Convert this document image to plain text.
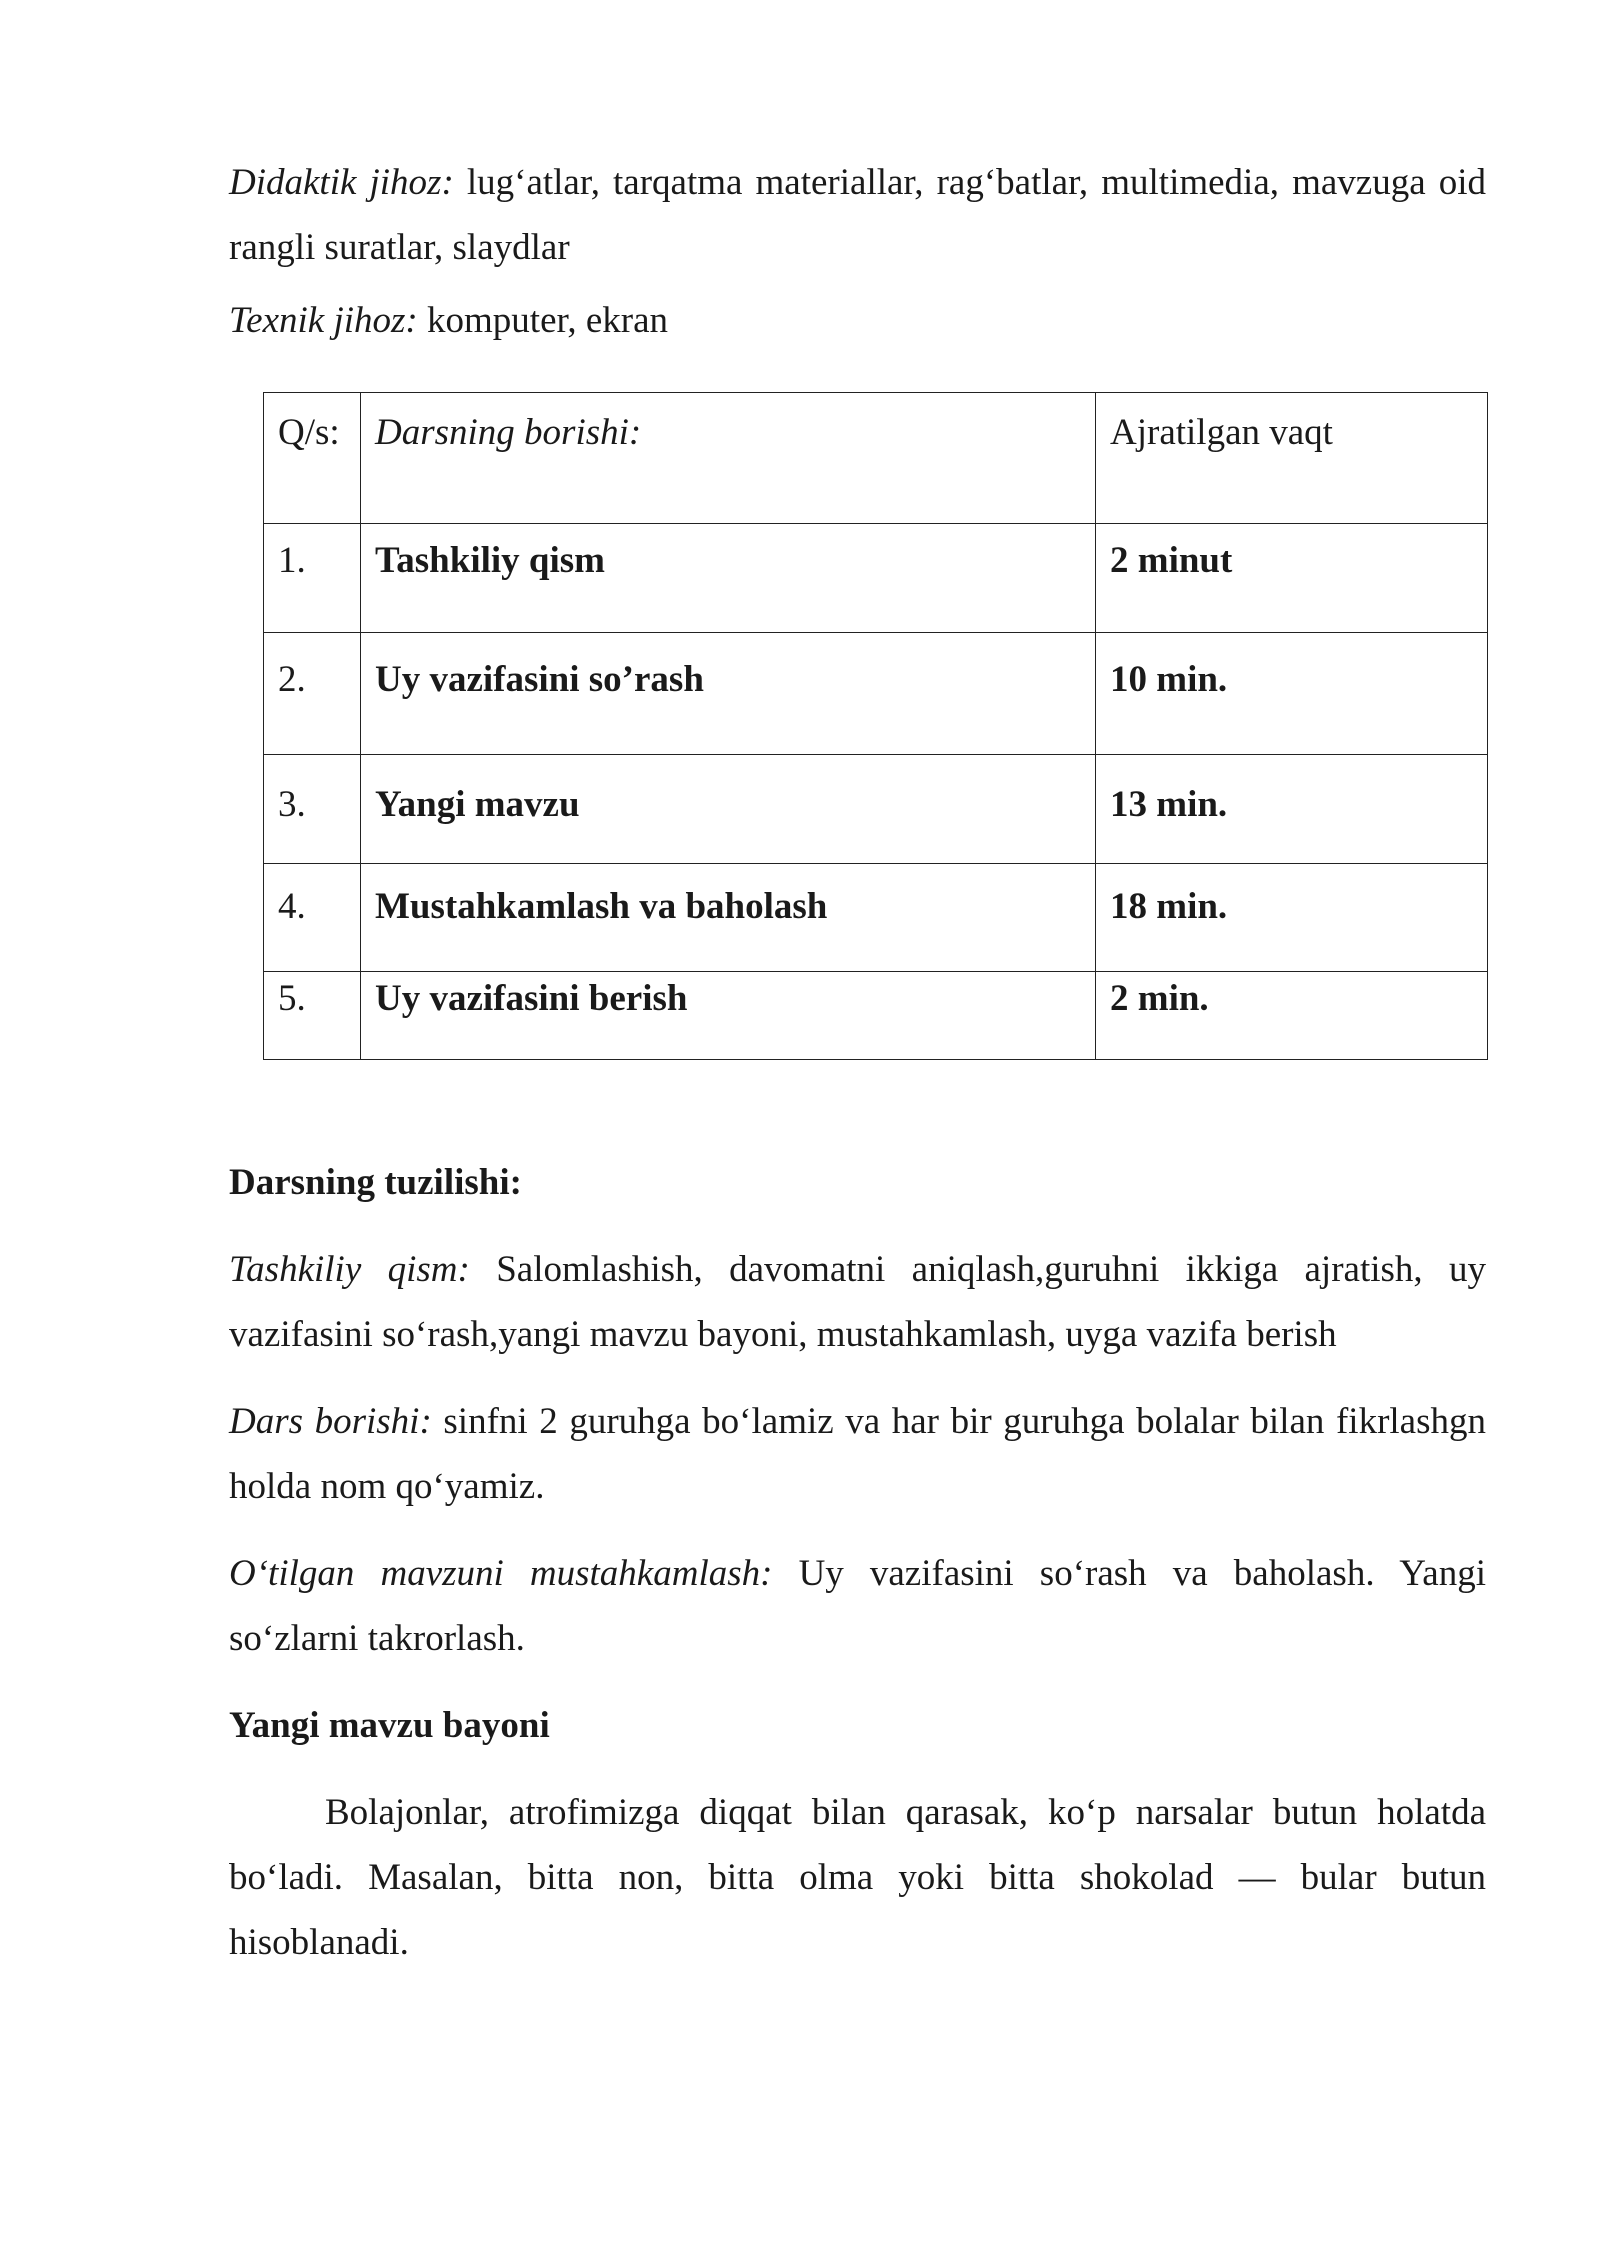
Didaktik jihoz: lug‘atlar, tarqatma materiallar, rag‘batlar, multimedia, mavzuga oid rangli suratlar, slaydlar

Texnik jihoz: komputer, ekran

Q/s:	Darsning borishi:	Ajratilgan vaqt
1.	Tashkiliy qism	2 minut
2.	Uy vazifasini so’rash	10 min.
3.	Yangi mavzu	13 min.
4.	Mustahkamlash va baholash	18 min.
5.	Uy vazifasini berish	2 min.
Darsning tuzilishi:

Tashkiliy qism: Salomlashish, davomatni aniqlash,guruhni ikkiga ajratish, uy vazifasini so‘rash,yangi mavzu bayoni, mustahkamlash, uyga vazifa berish

Dars borishi: sinfni 2 guruhga bo‘lamiz va har bir guruhga bolalar bilan fikrlashgn holda nom qo‘yamiz.

O‘tilgan mavzuni mustahkamlash: Uy vazifasini so‘rash va baholash. Yangi so‘zlarni takrorlash.

Yangi mavzu bayoni

Bolajonlar, atrofimizga diqqat bilan qarasak, ko‘p narsalar butun holatda bo‘ladi. Masalan, bitta non, bitta olma yoki bitta shokolad — bular butun hisoblanadi.
